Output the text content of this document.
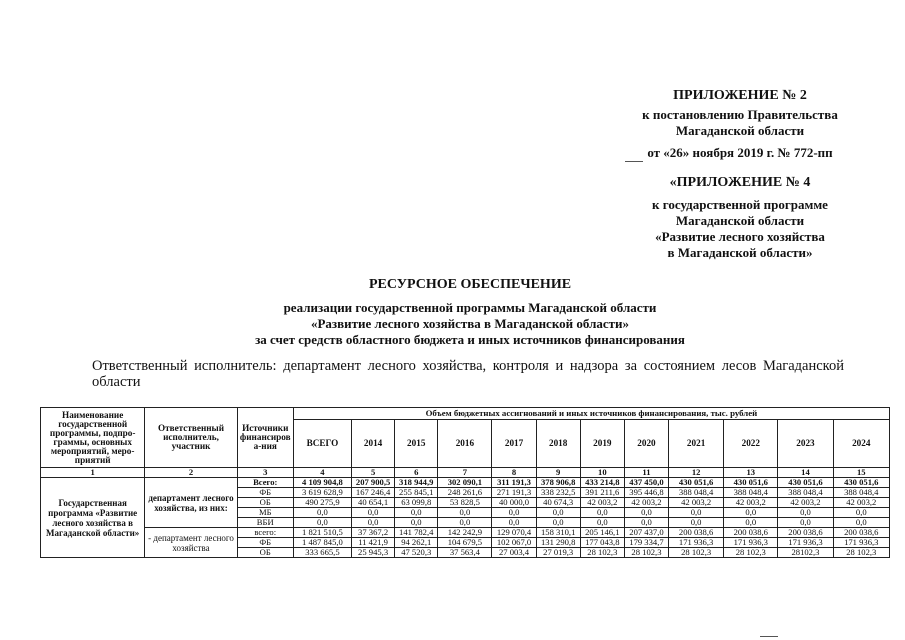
ПРИЛОЖЕНИЕ № 2
к постановлению Правительства
Магаданской области
от «26» ноября 2019 г. № 772-пп
«ПРИЛОЖЕНИЕ № 4
к государственной программе
Магаданской области
«Развитие лесного хозяйства
в Магаданской области»
РЕСУРСНОЕ ОБЕСПЕЧЕНИЕ
реализации государственной программы Магаданской области
«Развитие лесного хозяйства в Магаданской области»
за счет средств областного бюджета и иных источников финансирования
Ответственный исполнитель: департамент лесного хозяйства, контроля и надзора за состоянием лесов Магаданской области
Наименование государственной программы, подпро-граммы, основных мероприятий, меро-приятий	Ответственный исполнитель, участник	Источники финансиров а-ния	Объем бюджетных ассигнований и иных источников финансирования, тыс. рублей											
			ВСЕГО	2014	2015	2016	2017	2018	2019	2020	2021	2022	2023	2024
1	2	3	4	5	6	7	8	9	10	11	12	13	14	15
Государственная программа «Развитие лесного хозяйства в Магаданской области»	департамент лесного хозяйства, из них:	Всего:	4 109 904,8	207 900,5	318 944,9	302 090,1	311 191,3	378 906,8	433 214,8	437 450,0	430 051,6	430 051,6	430 051,6	430 051,6
		ФБ	3 619 628,9	167 246,4	255 845,1	248 261,6	271 191,3	338 232,5	391 211,6	395 446,8	388 048,4	388 048,4	388 048,4	388 048,4
		ОБ	490 275,9	40 654,1	63 099,8	53 828,5	40 000,0	40 674,3	42 003,2	42 003,2	42 003,2	42 003,2	42 003,2	42 003,2
		МБ	0,0	0,0	0,0	0,0	0,0	0,0	0,0	0,0	0,0	0,0	0,0	0,0
		ВБИ	0,0	0,0	0,0	0,0	0,0	0,0	0,0	0,0	0,0	0,0	0,0	0,0
	- департамент лесного хозяйства	всего:	1 821 510,5	37 367,2	141 782,4	142 242,9	129 070,4	158 310,1	205 146,1	207 437,0	200 038,6	200 038,6	200 038,6	200 038,6
		ФБ	1 487 845,0	11 421,9	94 262,1	104 679,5	102 067,0	131 290,8	177 043,8	179 334,7	171 936,3	171 936,3	171 936,3	171 936,3
		ОБ	333 665,5	25 945,3	47 520,3	37 563,4	27 003,4	27 019,3	28 102,3	28 102,3	28 102,3	28 102,3	28102,3	28 102,3
